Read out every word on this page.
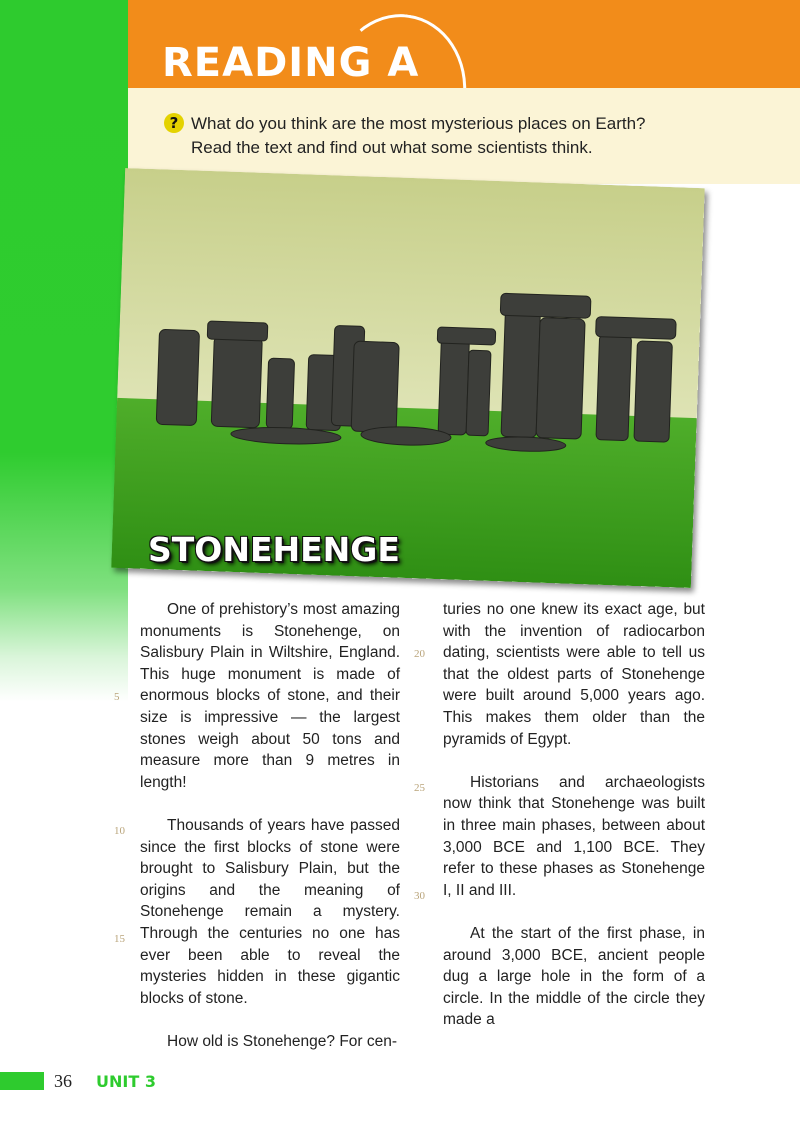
READING A
? What do you think are the most mysterious places on Earth?
Read the text and find out what some scientists think.
STONEHENGE

One of prehistory’s most amazing monuments is Stonehenge, on Salisbury Plain in Wiltshire, England. This huge monument is made of enormous blocks of stone, and their size is impressive — the largest stones weigh about 50 tons and measure more than 9 metres in length!

Thousands of years have passed since the first blocks of stone were brought to Salisbury Plain, but the origins and the meaning of Stonehenge remain a mystery. Through the centuries no one has ever been able to reveal the mysteries hidden in these gigantic blocks of stone.

How old is Stonehenge? For cen-

turies no one knew its exact age, but with the invention of radiocarbon dating, scientists were able to tell us that the oldest parts of Stonehenge were built around 5,000 years ago. This makes them older than the pyramids of Egypt.

Historians and archaeologists now think that Stonehenge was built in three main phases, between about 3,000 BCE and 1,100 BCE. They refer to these phases as Stonehenge I, II and III.

At the start of the first phase, in around 3,000 BCE, ancient people dug a large hole in the form of a circle. In the middle of the circle they made a

5
10
15
20
25
30
36 UNIT 3
